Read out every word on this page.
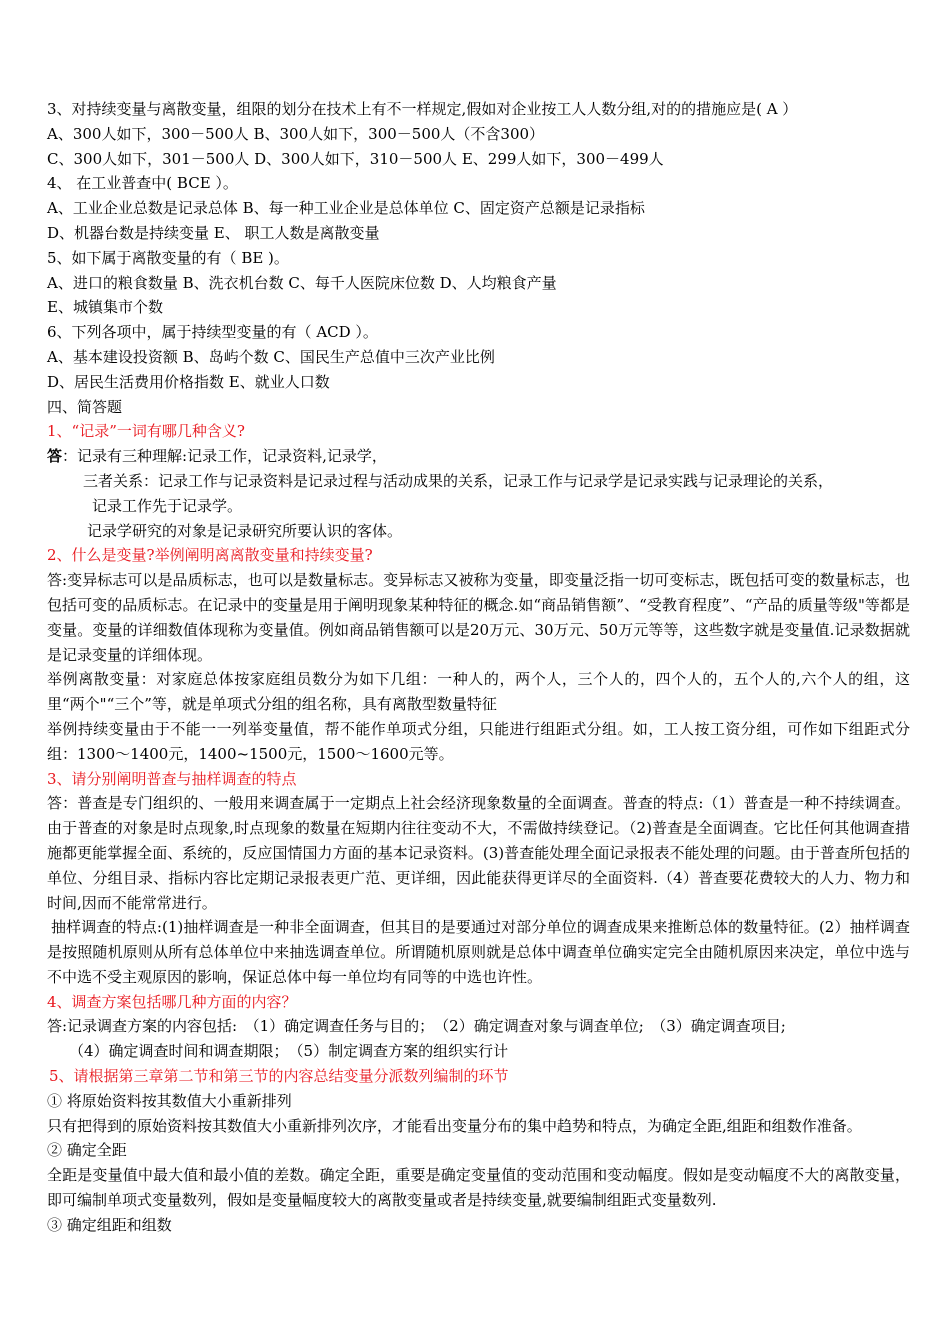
3、对持续变量与离散变量，组限的划分在技术上有不一样规定,假如对企业按工人人数分组,对的的措施应是( A ）
A、300人如下，300－500人 B、300人如下，300－500人（不含300）
C、300人如下，301－500人 D、300人如下，310－500人 E、299人如下，300－499人
4、 在工业普查中( BCE ）。
A、工业企业总数是记录总体 B、每一种工业企业是总体单位 C、固定资产总额是记录指标
D、机器台数是持续变量 E、 职工人数是离散变量
5、如下属于离散变量的有（ BE )。
A、进口的粮食数量 B、洗衣机台数 C、每千人医院床位数 D、人均粮食产量
E、城镇集市个数
6、下列各项中，属于持续型变量的有（ ACD ）。
A、基本建设投资额 B、岛屿个数 C、国民生产总值中三次产业比例
D、居民生活费用价格指数 E、就业人口数
四、简答题
1、“记录”一词有哪几种含义?
答：记录有三种理解:记录工作，记录资料,记录学，
三者关系：记录工作与记录资料是记录过程与活动成果的关系，记录工作与记录学是记录实践与记录理论的关系，
记录工作先于记录学。
记录学研究的对象是记录研究所要认识的客体。
2、什么是变量?举例阐明离离散变量和持续变量?
答:变异标志可以是品质标志，也可以是数量标志。变异标志又被称为变量，即变量泛指一切可变标志，既包括可变的数量标志，也包括可变的品质标志。在记录中的变量是用于阐明现象某种特征的概念.如“商品销售额”、“受教育程度”、“产品的质量等级"等都是变量。变量的详细数值体现称为变量值。例如商品销售额可以是20万元、30万元、50万元等等，这些数字就是变量值.记录数据就是记录变量的详细体现。
举例离散变量：对家庭总体按家庭组员数分为如下几组：一种人的，两个人，三个人的，四个人的，五个人的,六个人的组，这里“两个"“三个”等，就是单项式分组的组名称，具有离散型数量特征
举例持续变量由于不能一一列举变量值，帮不能作单项式分组，只能进行组距式分组。如，工人按工资分组，可作如下组距式分组：1300～1400元，1400~1500元，1500～1600元等。
3、请分别阐明普查与抽样调查的特点
答：普查是专门组织的、一般用来调查属于一定期点上社会经济现象数量的全面调查。普查的特点:（1）普查是一种不持续调查。由于普查的对象是时点现象,时点现象的数量在短期内往往变动不大，不需做持续登记。（2)普查是全面调查。它比任何其他调查措施都更能掌握全面、系统的，反应国情国力方面的基本记录资料。(3)普查能处理全面记录报表不能处理的问题。由于普查所包括的单位、分组目录、指标内容比定期记录报表更广范、更详细，因此能获得更详尽的全面资料.（4）普查要花费较大的人力、物力和时间,因而不能常常进行。
抽样调查的特点:(1)抽样调查是一种非全面调查，但其目的是要通过对部分单位的调查成果来推断总体的数量特征。(2）抽样调查是按照随机原则从所有总体单位中来抽选调查单位。所谓随机原则就是总体中调查单位确实定完全由随机原因来决定，单位中选与不中选不受主观原因的影响，保证总体中每一单位均有同等的中选也许性。
4、调查方案包括哪几种方面的内容？
答:记录调查方案的内容包括:　（1）确定调查任务与目的；　（2）确定调查对象与调查单位;　（3）确定调查项目;
（4）确定调查时间和调查期限；　（5）制定调查方案的组织实行计
5、请根据第三章第二节和第三节的内容总结变量分派数列编制的环节
① 将原始资料按其数值大小重新排列
只有把得到的原始资料按其数值大小重新排列次序，才能看出变量分布的集中趋势和特点，为确定全距,组距和组数作准备。
② 确定全距
全距是变量值中最大值和最小值的差数。确定全距，重要是确定变量值的变动范围和变动幅度。假如是变动幅度不大的离散变量，即可编制单项式变量数列，假如是变量幅度较大的离散变量或者是持续变量,就要编制组距式变量数列.
③ 确定组距和组数
